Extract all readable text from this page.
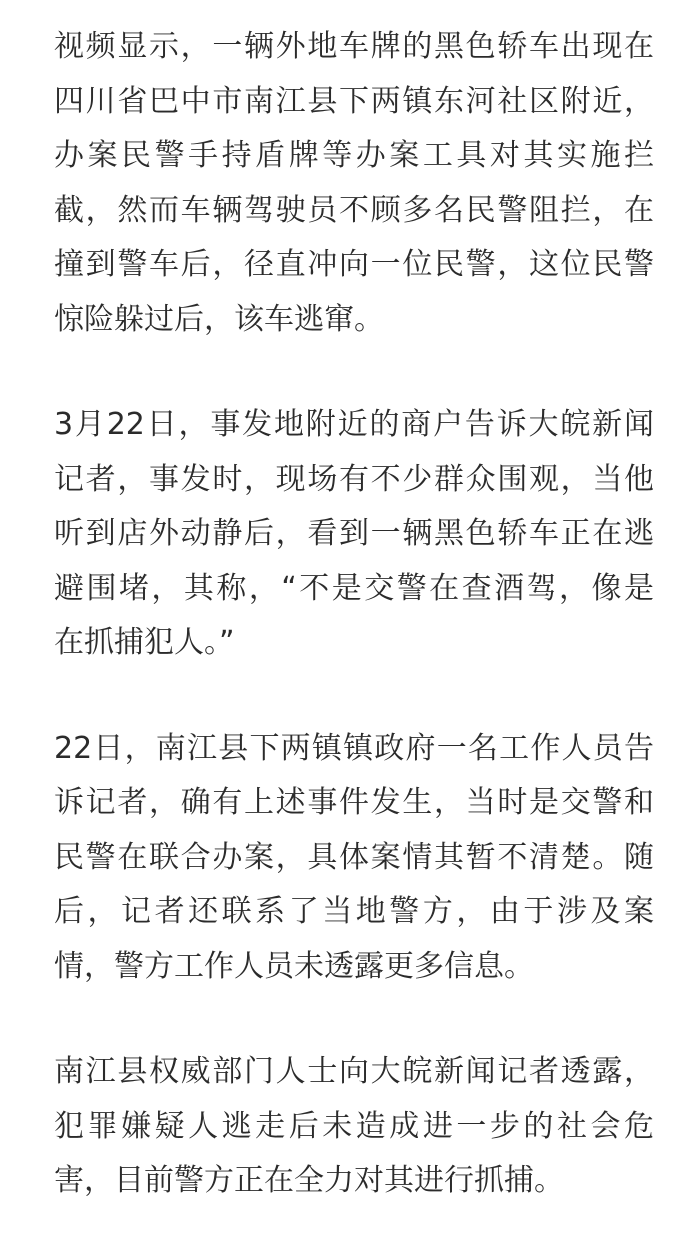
视频显示，一辆外地车牌的黑色轿车出现在
四川省巴中市南江县下两镇东河社区附近，
办案民警手持盾牌等办案工具对其实施拦
截，然而车辆驾驶员不顾多名民警阻拦，在
撞到警车后，径直冲向一位民警，这位民警
惊险躲过后，该车逃窜。

3月22日，事发地附近的商户告诉大皖新闻
记者，事发时，现场有不少群众围观，当他
听到店外动静后，看到一辆黑色轿车正在逃
避围堵，其称，“不是交警在查酒驾，像是
在抓捕犯人。”

22日，南江县下两镇镇政府一名工作人员告
诉记者，确有上述事件发生，当时是交警和
民警在联合办案，具体案情其暂不清楚。随
后，记者还联系了当地警方，由于涉及案
情，警方工作人员未透露更多信息。

南江县权威部门人士向大皖新闻记者透露，
犯罪嫌疑人逃走后未造成进一步的社会危
害，目前警方正在全力对其进行抓捕。
